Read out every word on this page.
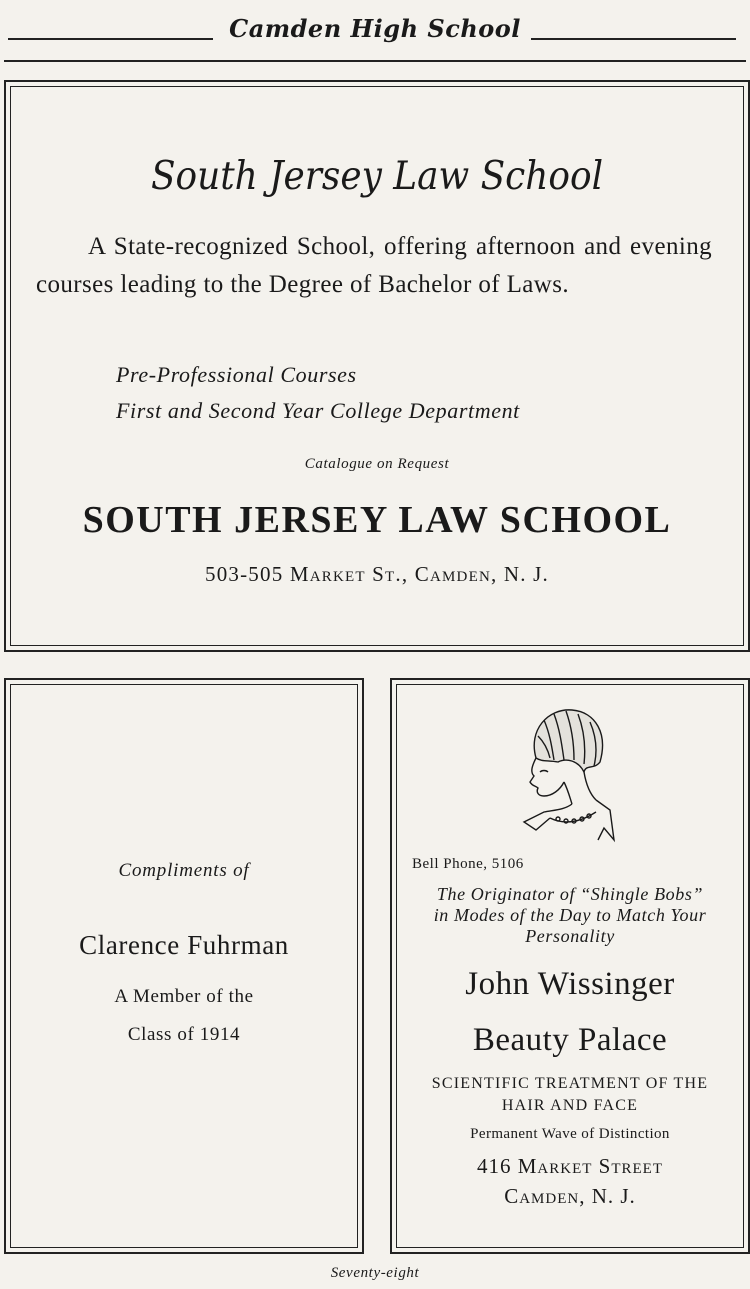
Camden High School
South Jersey Law School
A State-recognized School, offering afternoon and evening courses leading to the Degree of Bachelor of Laws.
Pre-Professional Courses
First and Second Year College Department
Catalogue on Request
SOUTH JERSEY LAW SCHOOL
503-505 Market St., Camden, N. J.
Compliments of
Clarence Fuhrman
A Member of the
Class of 1914
Bell Phone, 5106
The Originator of “Shingle Bobs” in Modes of the Day to Match Your Personality
John Wissinger
Beauty Palace
SCIENTIFIC TREATMENT OF THE HAIR AND FACE
Permanent Wave of Distinction
416 Market Street
Camden, N. J.
Seventy-eight
